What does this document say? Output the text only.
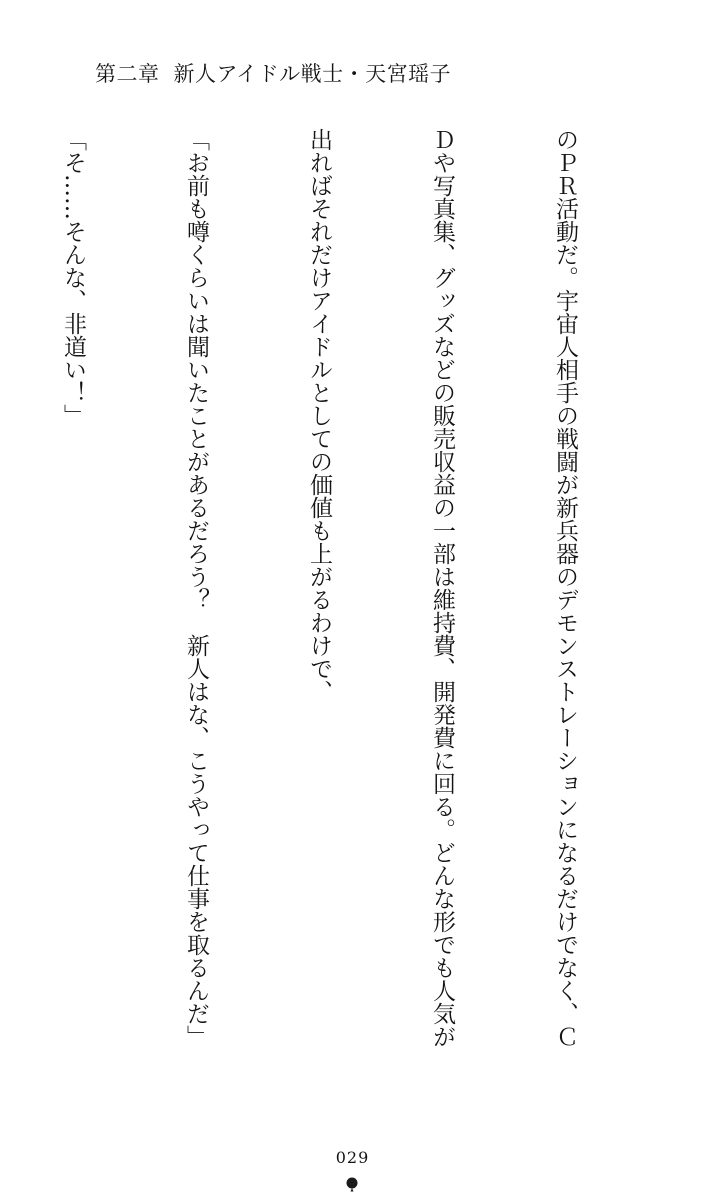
第二章 新人アイドル戦士・天宮瑶子

のＰＲ活動だ。宇宙人相手の戦闘が新兵器のデモンストレーションになるだけでなく、Ｃ

Ｄや写真集、グッズなどの販売収益の一部は維持費、開発費に回る。どんな形でも人気が

出ればそれだけアイドルとしての価値も上がるわけで、

「お前も噂くらいは聞いたことがあるだろう？　新人はな、こうやって仕事を取るんだ」

「そ……そんな、非道い！」

029
